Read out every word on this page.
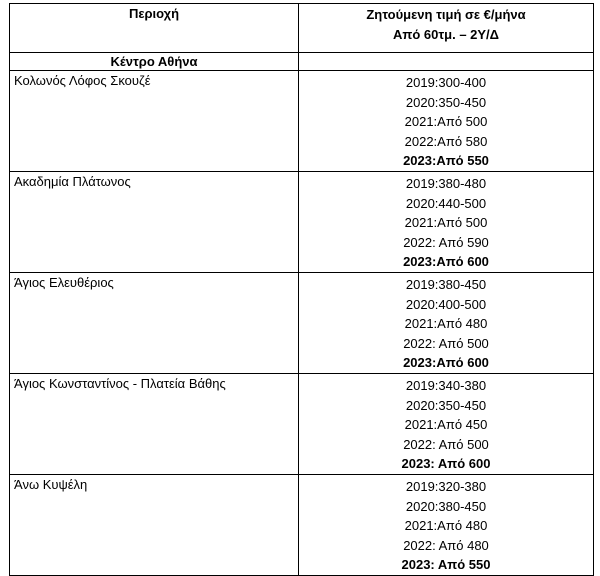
Περιοχή	Ζητούμενη τιμή σε €/μήνα
Από 60τμ. – 2Υ/Δ

Κέντρο Αθήνα	
Κολωνός Λόφος Σκουζέ	2019:300-400
2020:350-450
2021:Από 500
2022:Από 580
2023:Από 550

Ακαδημία Πλάτωνος	2019:380-480
2020:440-500
2021:Από 500
2022: Από 590
2023:Από 600

Άγιος Ελευθέριος	2019:380-450
2020:400-500
2021:Από 480
2022: Από 500
2023:Από 600

Άγιος Κωνσταντίνος - Πλατεία Βάθης	2019:340-380
2020:350-450
2021:Από 450
2022: Από 500
2023: Από 600

Άνω Κυψέλη	2019:320-380
2020:380-450
2021:Από 480
2022: Από 480
2023: Από 550
